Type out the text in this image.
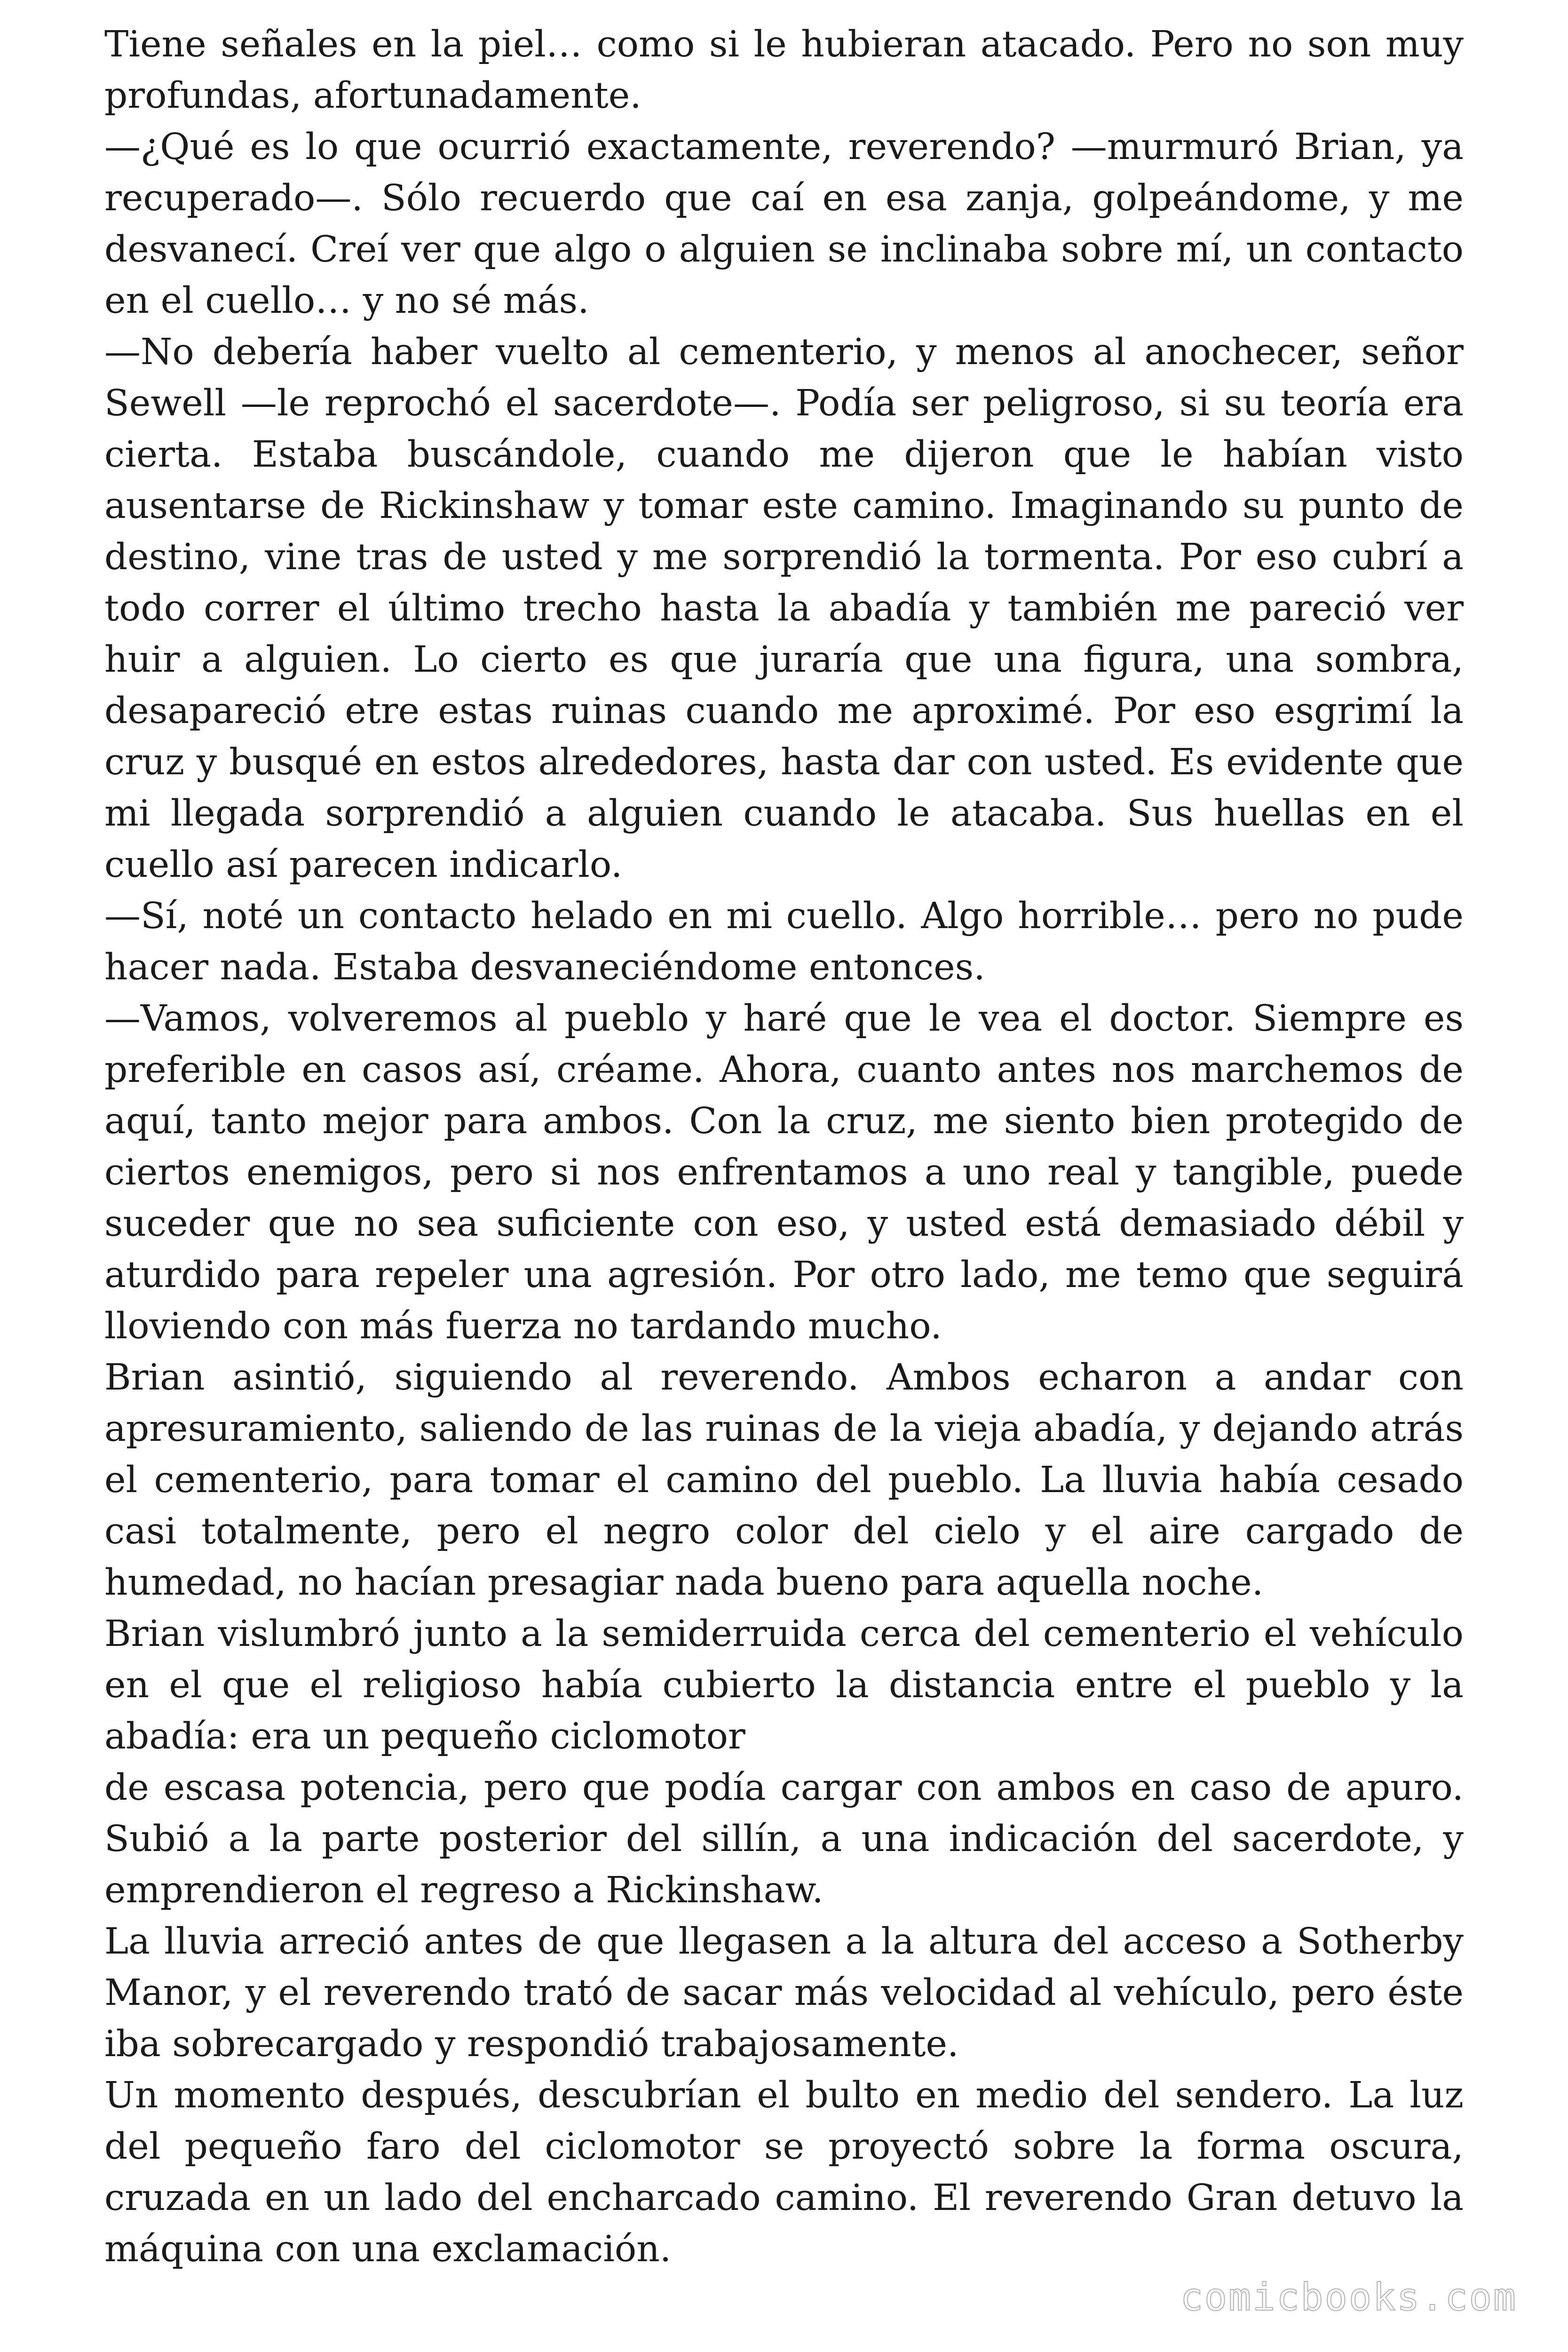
Tiene señales en la piel… como si le hubieran atacado. Pero no son muy profundas, afortunadamente.

—¿Qué es lo que ocurrió exactamente, reverendo? —murmuró Brian, ya recuperado—. Sólo recuerdo que caí en esa zanja, golpeándome, y me desvanecí. Creí ver que algo o alguien se inclinaba sobre mí, un contacto en el cuello… y no sé más.

—No debería haber vuelto al cementerio, y menos al anochecer, señor Sewell —le reprochó el sacerdote—. Podía ser peligroso, si su teoría era cierta. Estaba buscándole, cuando me dijeron que le habían visto ausentarse de Rickinshaw y tomar este camino. Imaginando su punto de destino, vine tras de usted y me sorprendió la tormenta. Por eso cubrí a todo correr el último trecho hasta la abadía y también me pareció ver huir a alguien. Lo cierto es que juraría que una figura, una sombra, desapareció etre estas ruinas cuando me aproximé. Por eso esgrimí la cruz y busqué en estos alrededores, hasta dar con usted. Es evidente que mi llegada sorprendió a alguien cuando le atacaba. Sus huellas en el cuello así parecen indicarlo.

—Sí, noté un contacto helado en mi cuello. Algo horrible… pero no pude hacer nada. Estaba desvaneciéndome entonces.

—Vamos, volveremos al pueblo y haré que le vea el doctor. Siempre es preferible en casos así, créame. Ahora, cuanto antes nos marchemos de aquí, tanto mejor para ambos. Con la cruz, me siento bien protegido de ciertos enemigos, pero si nos enfrentamos a uno real y tangible, puede suceder que no sea suficiente con eso, y usted está demasiado débil y aturdido para repeler una agresión. Por otro lado, me temo que seguirá lloviendo con más fuerza no tardando mucho.

Brian asintió, siguiendo al reverendo. Ambos echaron a andar con apresuramiento, saliendo de las ruinas de la vieja abadía, y dejando atrás el cementerio, para tomar el camino del pueblo. La lluvia había cesado casi totalmente, pero el negro color del cielo y el aire cargado de humedad, no hacían presagiar nada bueno para aquella noche.

Brian vislumbró junto a la semiderruida cerca del cementerio el vehículo en el que el religioso había cubierto la distancia entre el pueblo y la abadía: era un pequeño ciclomotor

de escasa potencia, pero que podía cargar con ambos en caso de apuro. Subió a la parte posterior del sillín, a una indicación del sacerdote, y emprendieron el regreso a Rickinshaw.

La lluvia arreció antes de que llegasen a la altura del acceso a Sotherby Manor, y el reverendo trató de sacar más velocidad al vehículo, pero éste iba sobrecargado y respondió trabajosamente.

Un momento después, descubrían el bulto en medio del sendero. La luz del pequeño faro del ciclomotor se proyectó sobre la forma oscura, cruzada en un lado del encharcado camino. El reverendo Gran detuvo la máquina con una exclamación.

comicbooks.com
